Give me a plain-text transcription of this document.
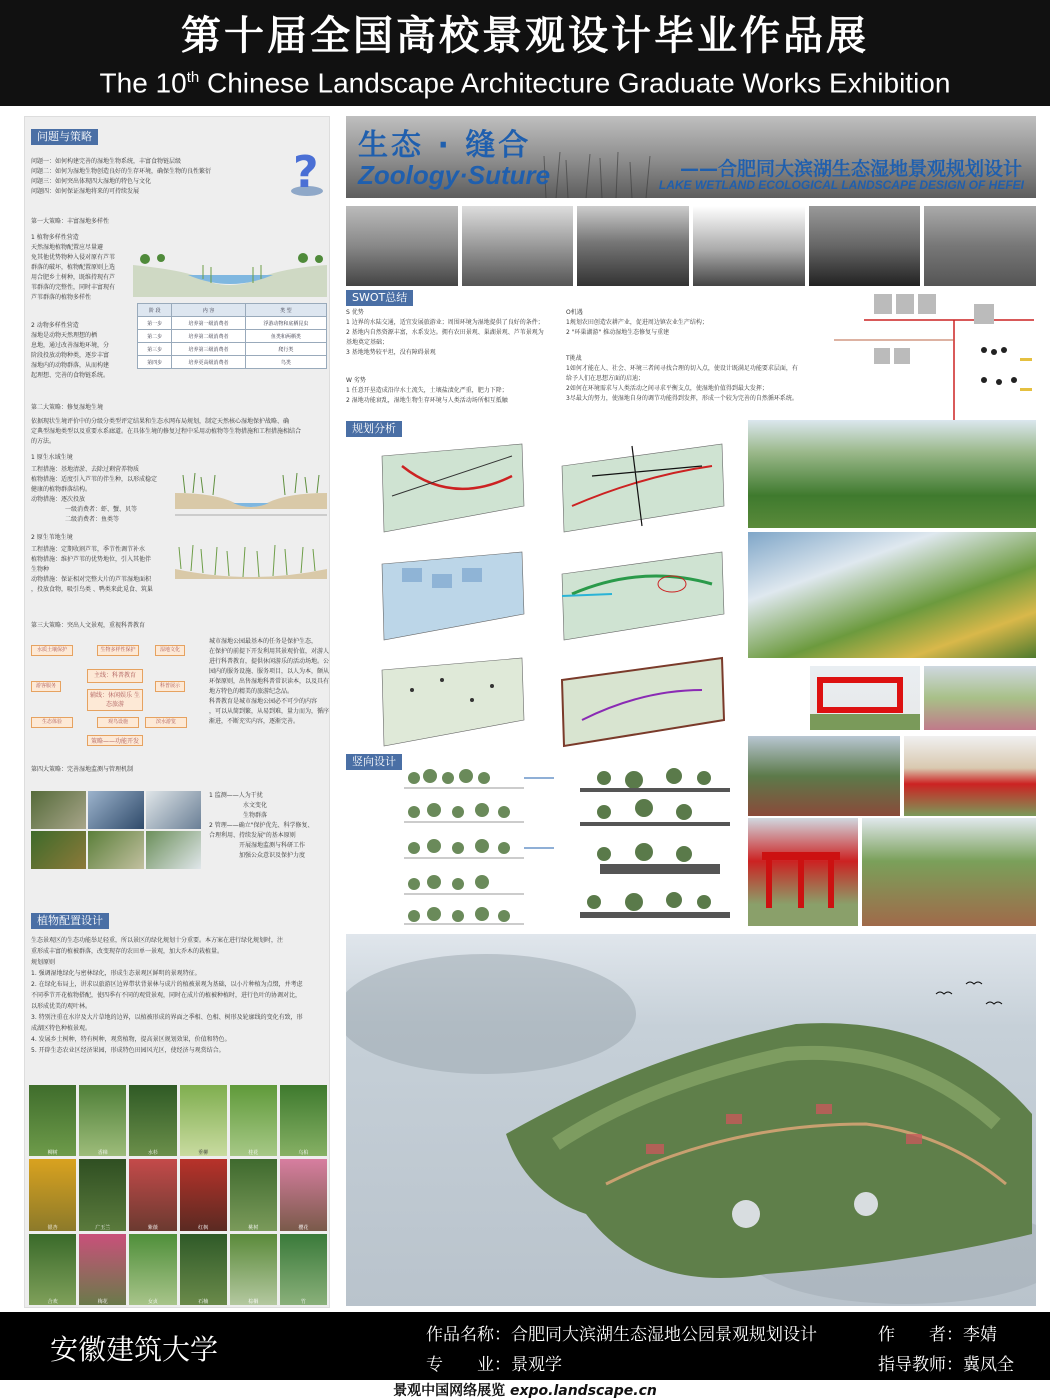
第十届全国高校景观设计毕业作品展
The 10th Chinese Landscape Architecture Graduate Works Exhibition
问题与策略
问题一：如何构建完善的湿地生物系统，丰富食物链层级
问题二：如何为湿地生物创造良好的生存环境，确保生物的良性繁衍
问题三：如何突出体现四大湿地的特色与文化
问题四：如何保证湿地将来的可持续发展	?
第一大策略：丰富湿地多样性
1 植物多样性营造
天然湿地植物配置应尽量避
免其他优势物种入侵对原有芦苇
群落的破坏，植物配置原则上选
用合肥乡土树种，既维持现有芦
苇群落的完整性，同时丰富现有
芦苇群落的植物多样性
2 动物多样性营造
湿地是动物天然理想的栖
息地，通过改善湿地环境，分
阶段投放动物种类，逐步丰富
湿地内的动物群落，从而构建
起理想、完善的食物链系统。
阶 段	内 容	类 型
第一步	培养第一级消费者	浮游动物和底栖昆虫
第二步	培养第二级消费者	鱼类和两栖类
第三步	培养第三级消费者	爬行类
第四步	培养更高级消费者	鸟类
第二大策略：修复湿地生境
依据现状生境评价中的分级分类型评定结果和生态水网布局规划，制定天然核心湿地保护战略、确
定典型湿地类型以及重要水系廊道。在具体生境的修复过程中采用动植物等生物措施和工程措施相结合
的方法。
1 原生水域生境
工程措施：基地清淤、去除过剩营养物质
植物措施：适度引入芦苇的伴生种，以形成稳定
健康的植物群落结构。
动物措施：逐次投放
一级消费者：虾、蟹、贝等
二级消费者：鱼类等
2 原生苇地生境
工程措施：定期收割芦苇，季节性调节补水
植物措施：维护芦苇的优势地位，引入其他伴
生物种
动物措施：保证相对完整大片的芦苇湿地面积
，投放食物，吸引鸟类 、鸭类来此觅食、筑巢
第三大策略：突出人文景观，重视科普教育
城市湿地公园最基本的任务是保护生态，
在保护的前提下开发利用其景观价值，对游人
进行科普教育，提供休闲游乐的活动场地。公
园内的服务设施、服务项目，以人为本，颇从
环保原则，出售湿地科普常识读本，以及具有
地方特色的精美的旅游纪念品。
科普教育是城市湿地公园必不可少的内容
，可以从简到繁，从易到难，量力而为，循序
渐进，不断充实内容，逐渐完善。
水质土壤保护	生物多样性保护	湿地文化
游客服务
主线：科普教育
辅线：休闲娱乐 生态旅游
科普展示
生态体验	观鸟设施	滨水游览
策略——功能开发
第四大策略：完善湿地监测与管理机制
1 监测——人为干扰
水文变化
生物群落
2 管理——确立"保护优先、科学修复、
合理利用、持续发展"的基本原则
开展湿地监测与科研工作
加强公众意识及保护力度
植物配置设计
生态景观区的生态功能举足轻重，所以景区的绿化规划十分重要。本方案在进行绿化规划时，注
重形成丰富的植被群落，改变现存的农田单一景观，加大乔木的栽植量。
规划原则
1. 强调湿地绿化与密林绿化，形成生态景观区鲜明的景观特征。
2. 在绿化布局上，讲求以旅游区边界带状背景林与成片的植被景观为基础，以小片种植为点缀，并考虑
不同季节开花植物搭配，使四季有不同的观赏景观，同时在成片的植被种植时，进行色叶的协调对比，
以形成优美的观叶林。
3. 特别注重在水岸及大片草地的边界，以植被形成的界面之季相、色相、树形及轮廓线的变化有致，形
成湖区特色种植景观。
4. 发展乡土树种，特有树种，观赏植物，提高景区规划效果，价值和特色。
5. 开辟生态农业区经济果园，形成特色田园风光区，使经济与观赏结合。
柳树	香樟	水杉	垂柳	桂花	乌桕
银杏	广玉兰	紫薇	红枫	桃树	樱花
合欢	梅花	女贞	石楠	棕榈	竹
生态 · 缝合
Zoology·Suture	——合肥同大滨湖生态湿地景观规划设计
LAKE WETLAND ECOLOGICAL LANDSCAPE DESIGN OF HEFEI
SWOT总结
S 优势
1 边界的水陆交通，适宜发展旅游业；周围环境为湿地提供了良好的条件；
2 基地内自然资源丰富，水系发达。拥有农田景观、巢湖景观、芦苇景观为
基地奠定基础；
3 基地地势较平坦，没有障碍景观
W 劣势
1 任意开垦造成沿岸水土流失，土壤盐渍化严重，肥力下降；
2 湿地功能衰乱，湿地生物生存环境与人类活动场所相互抵触
O机遇
1规划农田创造农耕产业，促进周边镇农业生产结构；
2 "环巢湖游" 推动湿地生态修复与重建
T挑战
1如何才能在人、社会、环境三者间寻找合理的切入点，使设计既满足功能要求层面，有
给予人们在思想方面的启迪；
2如何在环境需求与人类活动之间寻求平衡支点，使湿地价值得到最大发挥；
3尽最大的努力，使湿地自身的调节功能得到发挥，形成一个较为完善的自然循环系统。
规划分析
竖向设计
安徽建筑大学	作品名称：合肥同大滨湖生态湿地公园景观规划设计	作　　者：李婧
专　　业：景观学	指导教师：冀凤全
景观中国网络展览 expo.landscape.cn
